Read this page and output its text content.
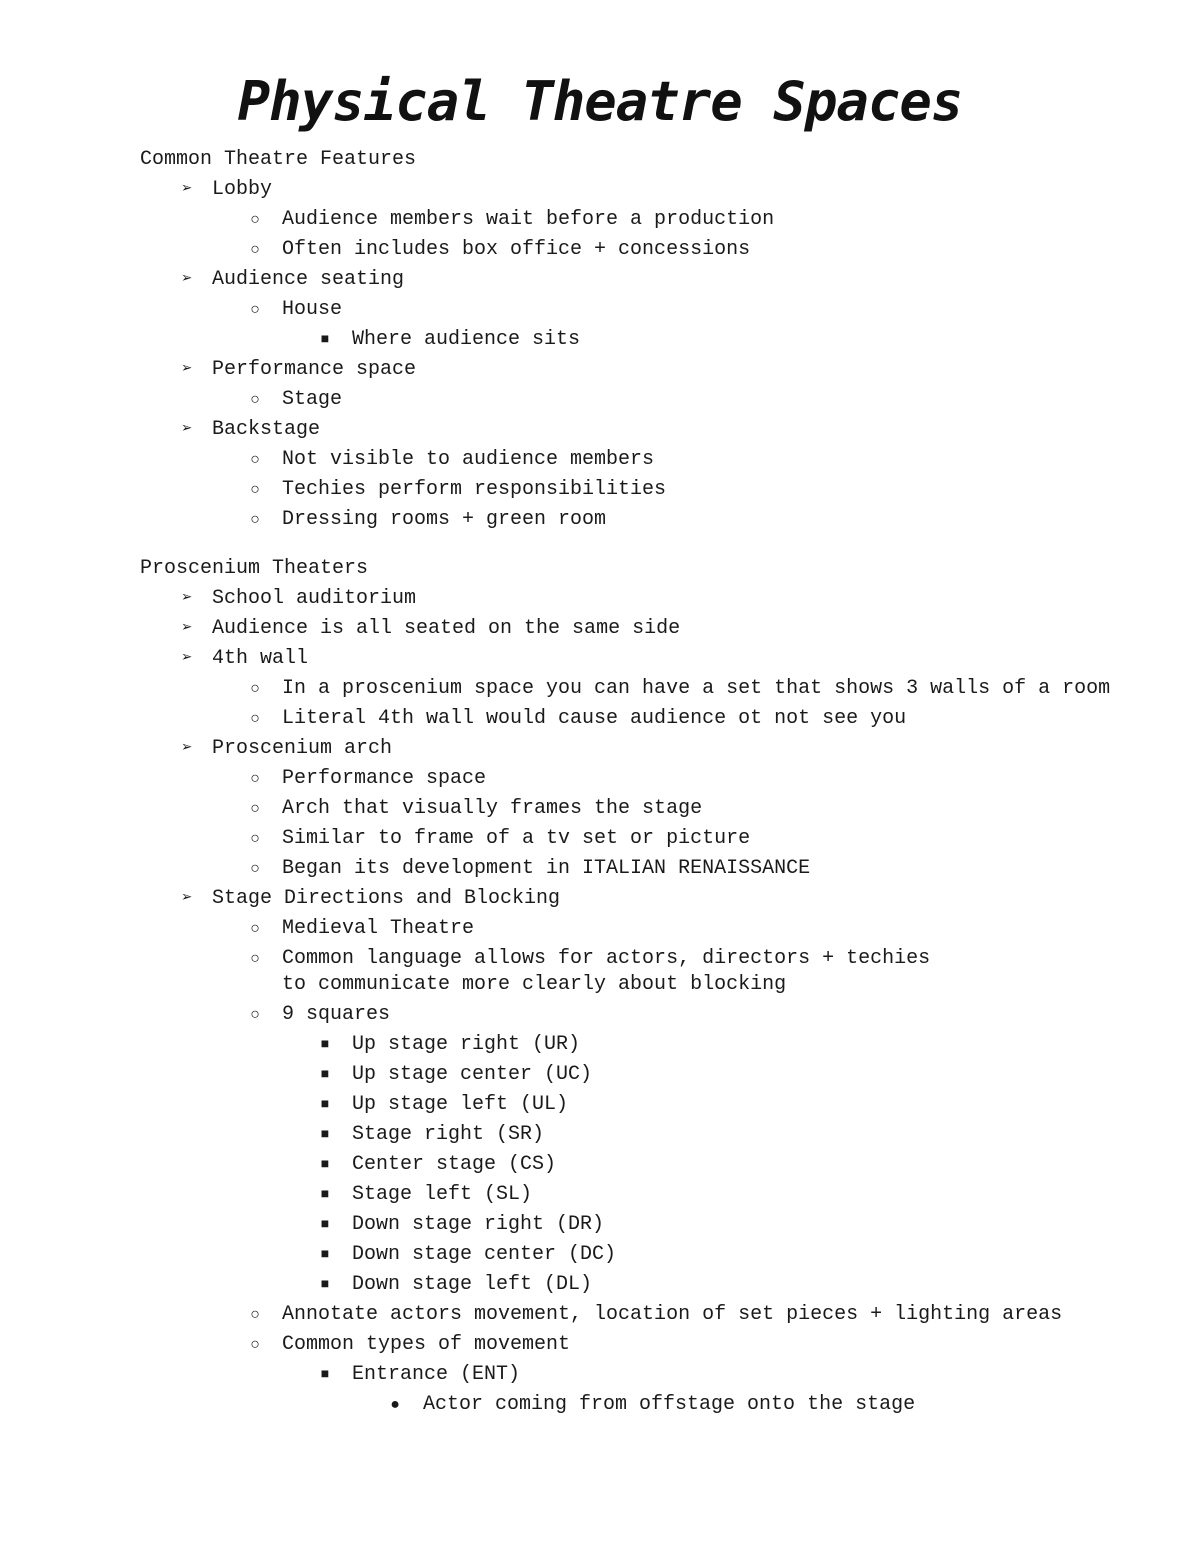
Physical Theatre Spaces
Common Theatre Features
➢ Lobby
○	Audience members wait before a production
○	Often includes box office + concessions
➢ Audience seating
○	House
■	Where audience sits
➢ Performance space
○	Stage
➢ Backstage
○	Not visible to audience members
○	Techies perform responsibilities
○	Dressing rooms + green room
Proscenium Theaters
➢ School auditorium
➢ Audience is all seated on the same side
➢ 4th wall
○	In a proscenium space you can have a set that shows 3 walls of a room
○	Literal 4th wall would cause audience ot not see you
➢ Proscenium arch
○	Performance space
○	Arch that visually frames the stage
○	Similar to frame of a tv set or picture
○	Began its development in ITALIAN RENAISSANCE
➢ Stage Directions and Blocking
○	Medieval Theatre
○	Common language allows for actors, directors + techies to communicate more clearly about blocking
○	9 squares
■	Up stage right (UR)
■	Up stage center (UC)
■	Up stage left (UL)
■	Stage right (SR)
■	Center stage (CS)
■	Stage left (SL)
■	Down stage right (DR)
■	Down stage center (DC)
■	Down stage left (DL)
○	Annotate actors movement, location of set pieces + lighting areas
○	Common types of movement
■	Entrance (ENT)
●	Actor coming from offstage onto the stage
